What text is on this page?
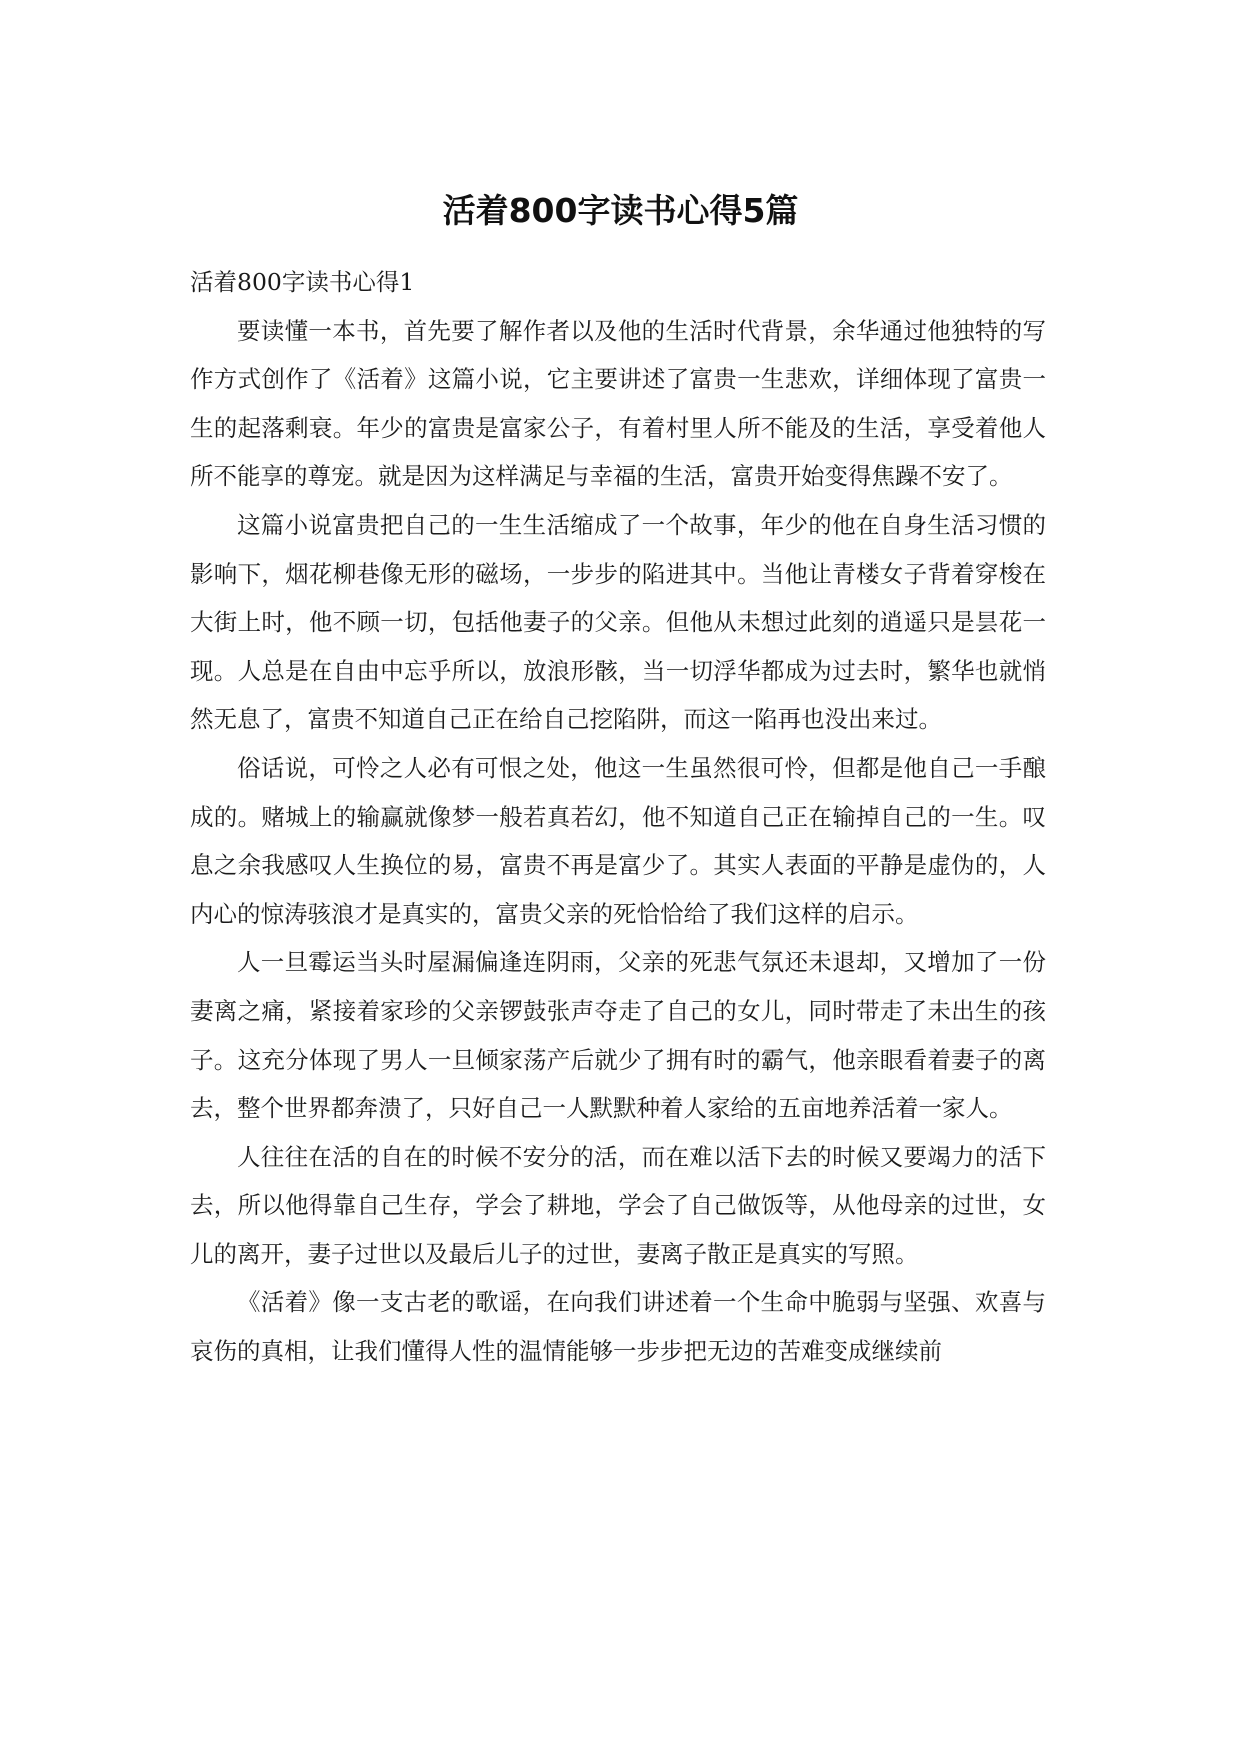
活着800字读书心得5篇
活着800字读书心得1

要读懂一本书，首先要了解作者以及他的生活时代背景，余华通过他独特的写作方式创作了《活着》这篇小说，它主要讲述了富贵一生悲欢，详细体现了富贵一生的起落剩衰。年少的富贵是富家公子，有着村里人所不能及的生活，享受着他人所不能享的尊宠。就是因为这样满足与幸福的生活，富贵开始变得焦躁不安了。

这篇小说富贵把自己的一生生活缩成了一个故事，年少的他在自身生活习惯的影响下，烟花柳巷像无形的磁场，一步步的陷进其中。当他让青楼女子背着穿梭在大街上时，他不顾一切，包括他妻子的父亲。但他从未想过此刻的逍遥只是昙花一现。人总是在自由中忘乎所以，放浪形骸，当一切浮华都成为过去时，繁华也就悄然无息了，富贵不知道自己正在给自己挖陷阱，而这一陷再也没出来过。

俗话说，可怜之人必有可恨之处，他这一生虽然很可怜，但都是他自己一手酿成的。赌城上的输赢就像梦一般若真若幻，他不知道自己正在输掉自己的一生。叹息之余我感叹人生换位的易，富贵不再是富少了。其实人表面的平静是虚伪的，人内心的惊涛骇浪才是真实的，富贵父亲的死恰恰给了我们这样的启示。

人一旦霉运当头时屋漏偏逢连阴雨，父亲的死悲气氛还未退却，又增加了一份妻离之痛，紧接着家珍的父亲锣鼓张声夺走了自己的女儿，同时带走了未出生的孩子。这充分体现了男人一旦倾家荡产后就少了拥有时的霸气，他亲眼看着妻子的离去，整个世界都奔溃了，只好自己一人默默种着人家给的五亩地养活着一家人。

人往往在活的自在的时候不安分的活，而在难以活下去的时候又要竭力的活下去，所以他得靠自己生存，学会了耕地，学会了自己做饭等，从他母亲的过世，女儿的离开，妻子过世以及最后儿子的过世，妻离子散正是真实的写照。

《活着》像一支古老的歌谣，在向我们讲述着一个生命中脆弱与坚强、欢喜与哀伤的真相，让我们懂得人性的温情能够一步步把无边的苦难变成继续前
